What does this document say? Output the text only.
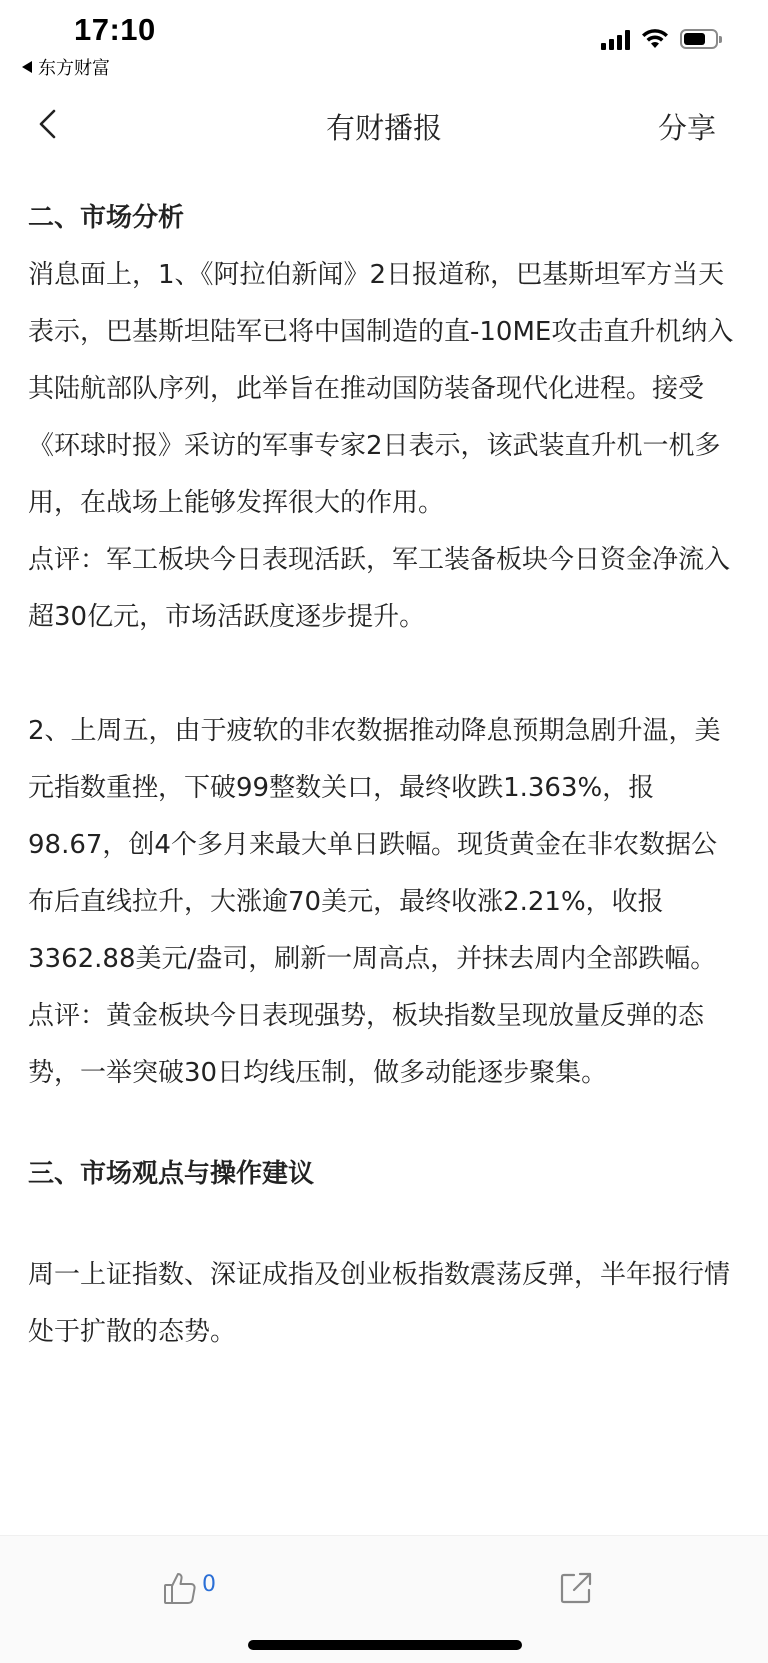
17:10
东方财富
有财播报	分享

二、市场分析

消息面上，1、《阿拉伯新闻》2日报道称，巴基斯坦军方当天表示，巴基斯坦陆军已将中国制造的直-10ME攻击直升机纳入其陆航部队序列，此举旨在推动国防装备现代化进程。接受《环球时报》采访的军事专家2日表示，该武装直升机一机多用，在战场上能够发挥很大的作用。

点评：军工板块今日表现活跃，军工装备板块今日资金净流入超30亿元，市场活跃度逐步提升。

2、上周五，由于疲软的非农数据推动降息预期急剧升温，美元指数重挫，下破99整数关口，最终收跌1.363%，报98.67，创4个多月来最大单日跌幅。现货黄金在非农数据公布后直线拉升，大涨逾70美元，最终收涨2.21%，收报3362.88美元/盎司，刷新一周高点，并抹去周内全部跌幅。

点评：黄金板块今日表现强势，板块指数呈现放量反弹的态势，一举突破30日均线压制，做多动能逐步聚集。

三、市场观点与操作建议

周一上证指数、深证成指及创业板指数震荡反弹，半年报行情处于扩散的态势。

0
